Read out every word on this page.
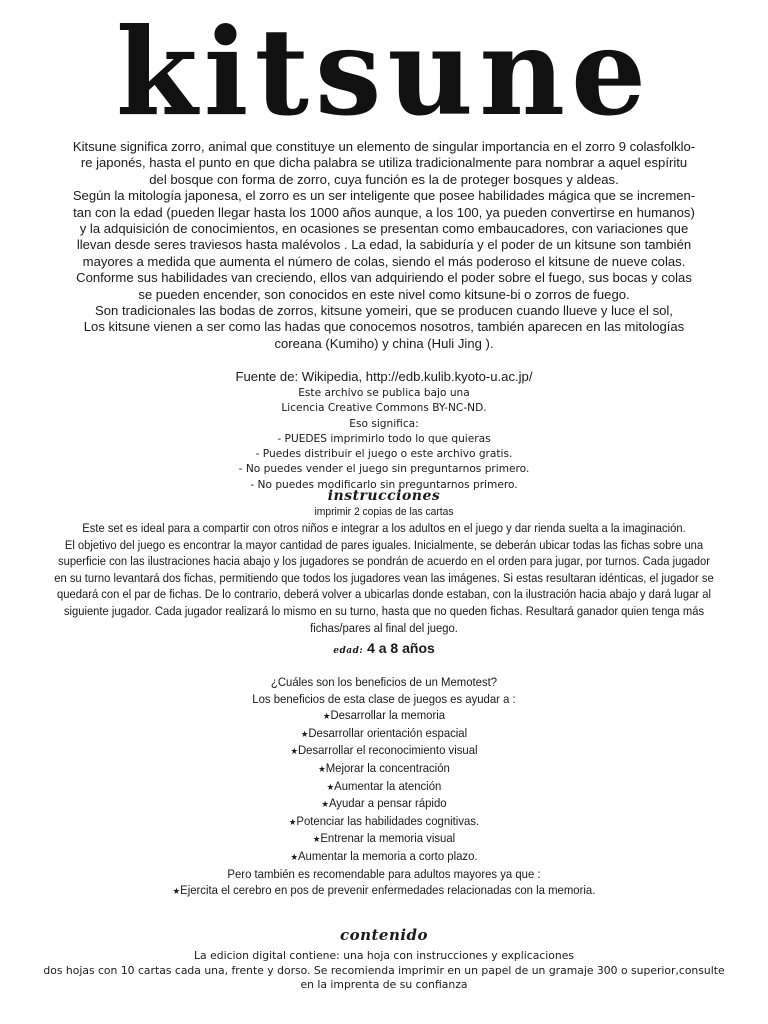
kitsune

Kitsune significa zorro, animal que constituye un elemento de singular importancia en el zorro 9 colasfolklo-

re japonés, hasta el punto en que dicha palabra se utiliza tradicionalmente para nombrar a aquel espíritu

del bosque con forma de zorro, cuya función es la de proteger bosques y aldeas.

Según la mitología japonesa, el zorro es un ser inteligente que posee habilidades mágica que se incremen-

tan con la edad (pueden llegar hasta los 1000 años aunque, a los 100, ya pueden convertirse en humanos)

y la adquisición de conocimientos, en ocasiones se presentan como embaucadores, con variaciones que

llevan desde seres traviesos hasta malévolos . La edad, la sabiduría y el poder de un kitsune son también

mayores a medida que aumenta el número de colas, siendo el más poderoso el kitsune de nueve colas.

Conforme sus habilidades van creciendo, ellos van adquiriendo el poder sobre el fuego, sus bocas y colas

se pueden encender, son conocidos en este nivel como kitsune-bi o zorros de fuego.

Son tradicionales las bodas de zorros, kitsune yomeiri, que se producen cuando llueve y luce el sol,

Los kitsune vienen a ser como las hadas que conocemos nosotros, también aparecen en las mitologías

coreana (Kumiho) y china (Huli Jing ).

Fuente de: Wikipedia, http://edb.kulib.kyoto-u.ac.jp/

Este archivo se publica bajo una

Licencia Creative Commons BY-NC-ND.

Eso significa:

- PUEDES imprimirlo todo lo que quieras

- Puedes distribuir el juego o este archivo gratis.

- No puedes vender el juego sin preguntarnos primero.

- No puedes modificarlo sin preguntarnos primero.

instrucciones
imprimir 2 copias de las cartas

Este set es ideal para a compartir con otros niños e integrar a los adultos en el juego y dar rienda suelta a la imaginación.

El objetivo del juego es encontrar la mayor cantidad de pares iguales. Inicialmente, se deberán ubicar todas las fichas sobre una

superficie con las ilustraciones hacia abajo y los jugadores se pondrán de acuerdo en el orden para jugar, por turnos. Cada jugador

en su turno levantará dos fichas, permitiendo que todos los jugadores vean las imágenes. Si estas resultaran idénticas, el jugador se

quedará con el par de fichas. De lo contrario, deberá volver a ubicarlas donde estaban, con la ilustración hacia abajo y dará lugar al

siguiente jugador. Cada jugador realizará lo mismo en su turno, hasta que no queden fichas. Resultará ganador quien tenga más

fichas/pares al final del juego.

edad: 4 a 8 años

¿Cuáles son los beneficios de un Memotest?

Los beneficios de esta clase de juegos es ayudar a :

★Desarrollar la memoria

★Desarrollar orientación espacial

★Desarrollar el reconocimiento visual

★Mejorar la concentración

★Aumentar la atención

★Ayudar a pensar rápido

★Potenciar las habilidades cognitivas.

★Entrenar la memoria visual

★Aumentar la memoria a corto plazo.

Pero también es recomendable para adultos mayores ya que :

★Ejercita el cerebro en pos de prevenir enfermedades relacionadas con la memoria.

contenido

La edicion digital contiene: una hoja con instrucciones y explicaciones

dos hojas con 10 cartas cada una, frente y dorso. Se recomienda imprimir en un papel de un gramaje 300 o superior,consulte

en la imprenta de su confianza
